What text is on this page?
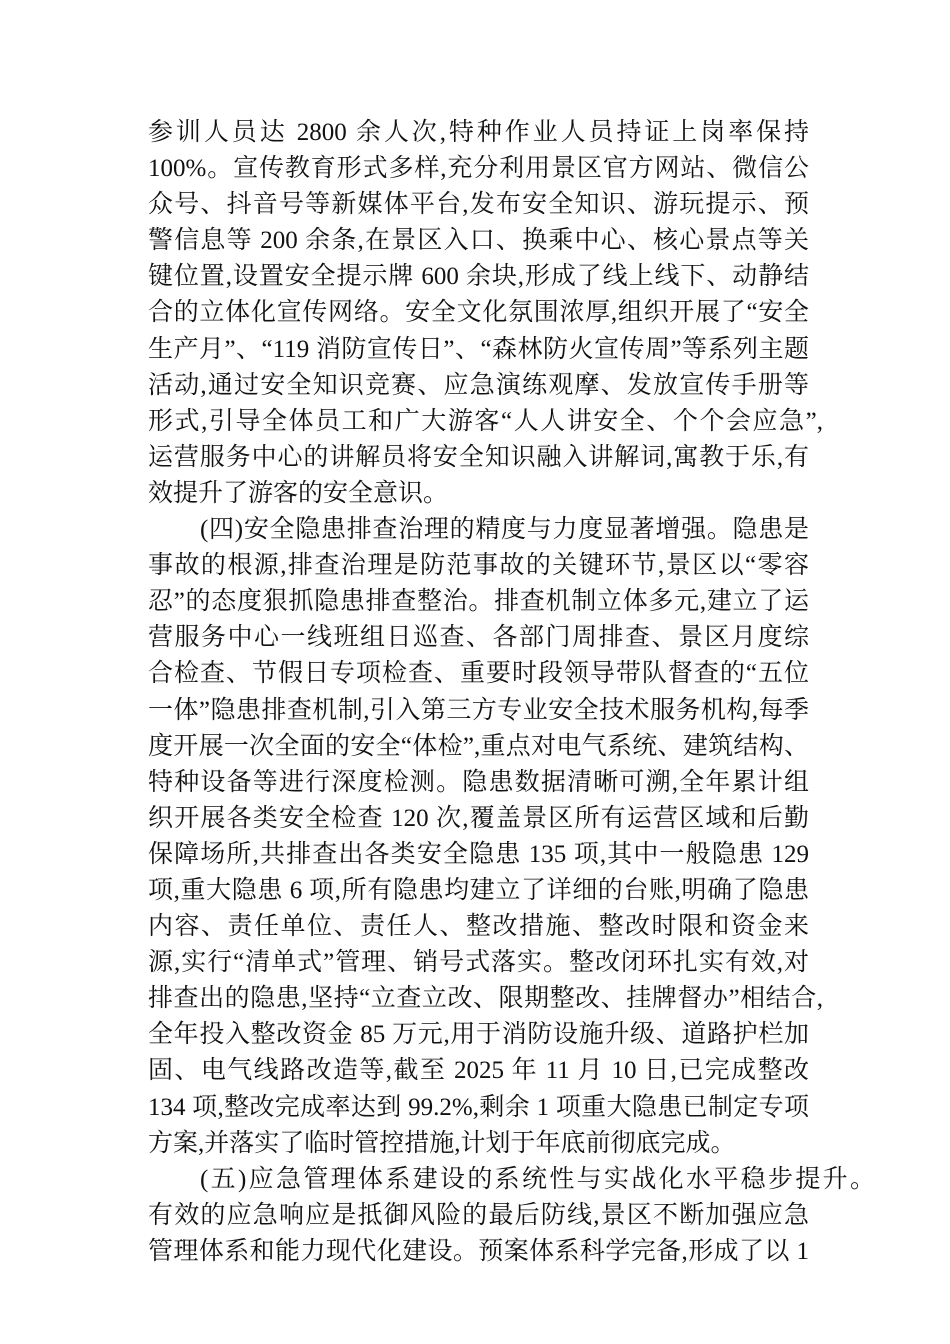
参训人员达 2800 余人次,特种作业人员持证上岗率保持
100%。宣传教育形式多样,充分利用景区官方网站、微信公
众号、抖音号等新媒体平台,发布安全知识、游玩提示、预
警信息等 200 余条,在景区入口、换乘中心、核心景点等关
键位置,设置安全提示牌 600 余块,形成了线上线下、动静结
合的立体化宣传网络。安全文化氛围浓厚,组织开展了“安全
生产月”、“119 消防宣传日”、“森林防火宣传周”等系列主题
活动,通过安全知识竞赛、应急演练观摩、发放宣传手册等
形式,引导全体员工和广大游客“人人讲安全、个个会应急”,
运营服务中心的讲解员将安全知识融入讲解词,寓教于乐,有
效提升了游客的安全意识。
(四)安全隐患排查治理的精度与力度显著增强。隐患是
事故的根源,排查治理是防范事故的关键环节,景区以“零容
忍”的态度狠抓隐患排查整治。排查机制立体多元,建立了运
营服务中心一线班组日巡查、各部门周排查、景区月度综
合检查、节假日专项检查、重要时段领导带队督查的“五位
一体”隐患排查机制,引入第三方专业安全技术服务机构,每季
度开展一次全面的安全“体检”,重点对电气系统、建筑结构、
特种设备等进行深度检测。隐患数据清晰可溯,全年累计组
织开展各类安全检查 120 次,覆盖景区所有运营区域和后勤
保障场所,共排查出各类安全隐患 135 项,其中一般隐患 129
项,重大隐患 6 项,所有隐患均建立了详细的台账,明确了隐患
内容、责任单位、责任人、整改措施、整改时限和资金来
源,实行“清单式”管理、销号式落实。整改闭环扎实有效,对
排查出的隐患,坚持“立查立改、限期整改、挂牌督办”相结合,
全年投入整改资金 85 万元,用于消防设施升级、道路护栏加
固、电气线路改造等,截至 2025 年 11 月 10 日,已完成整改
134 项,整改完成率达到 99.2%,剩余 1 项重大隐患已制定专项
方案,并落实了临时管控措施,计划于年底前彻底完成。
(五)应急管理体系建设的系统性与实战化水平稳步提升。
有效的应急响应是抵御风险的最后防线,景区不断加强应急
管理体系和能力现代化建设。预案体系科学完备,形成了以 1
